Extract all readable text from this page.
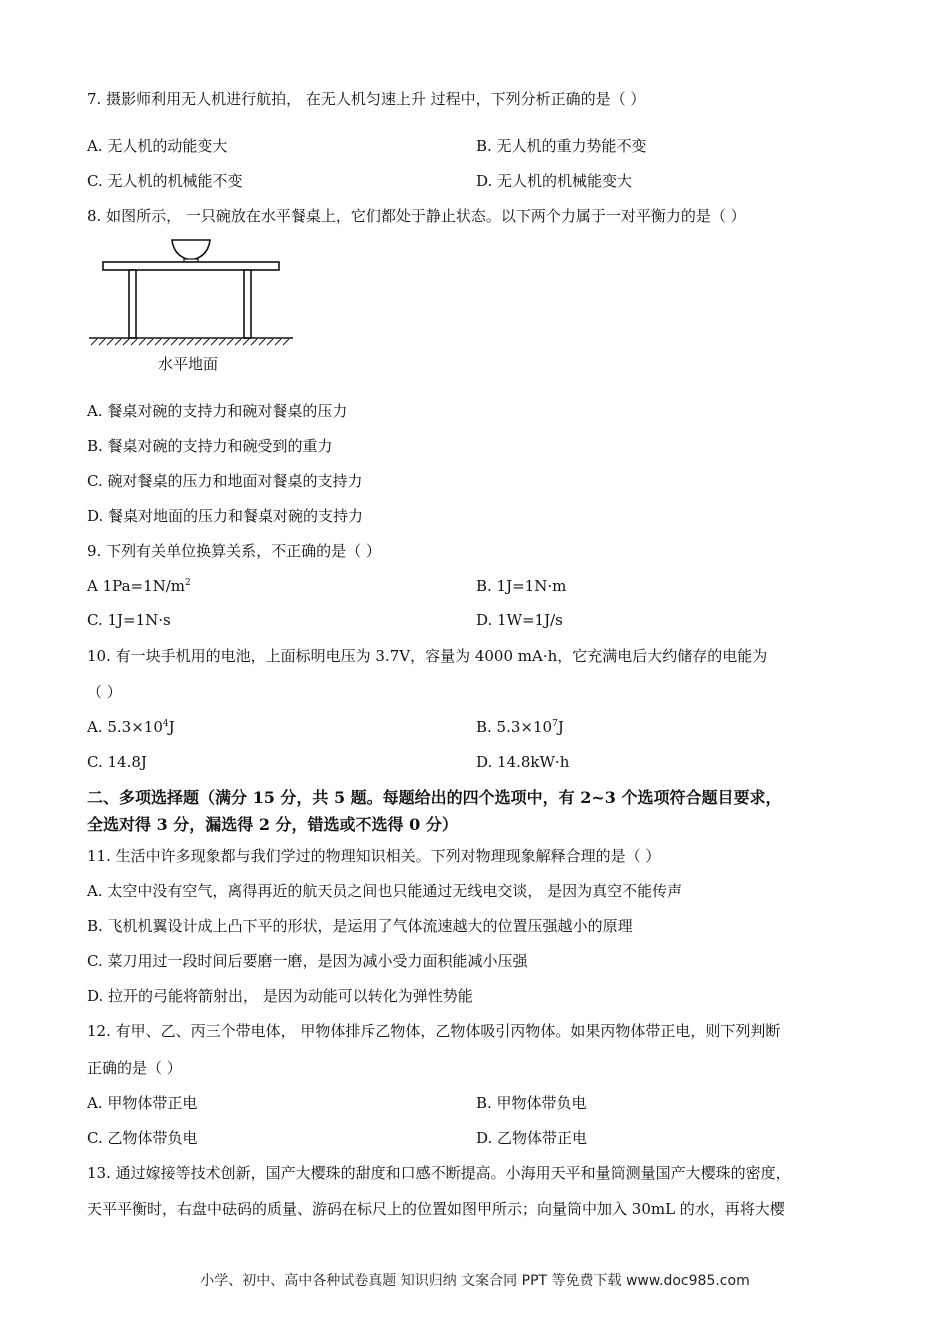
7. 摄影师利用无人机进行航拍， 在无人机匀速上升 过程中，下列分析正确的是（ ）
A. 无人机的动能变大	B. 无人机的重力势能不变
C. 无人机的机械能不变	D. 无人机的机械能变大
8. 如图所示， 一只碗放在水平餐桌上，它们都处于静止状态。以下两个力属于一对平衡力的是（ ）
水平地面
A. 餐桌对碗的支持力和碗对餐桌的压力
B. 餐桌对碗的支持力和碗受到的重力
C. 碗对餐桌的压力和地面对餐桌的支持力
D. 餐桌对地面的压力和餐桌对碗的支持力
9. 下列有关单位换算关系，不正确的是（ ）
A $1Pa=1N/m^2$	B. 1J=1N·m
C. 1J=1N·s	D. 1W=1J/s
10. 有一块手机用的电池，上面标明电压为 3.7V，容量为 4000 mA·h，它充满电后大约储存的电能为
（ ）
A. $5.3\times 10^4J$	B. $5.3\times 10^7J$
C. 14.8J	D. 14.8kW·h
二、多项选择题（满分 15 分，共 5 题。每题给出的四个选项中，有 2~3 个选项符合题目要求，
全选对得 3 分，漏选得 2 分，错选或不选得 0 分）
11. 生活中许多现象都与我们学过的物理知识相关。下列对物理现象解释合理的是（ ）
A. 太空中没有空气，离得再近的航天员之间也只能通过无线电交谈， 是因为真空不能传声
B. 飞机机翼设计成上凸下平的形状，是运用了气体流速越大的位置压强越小的原理
C. 菜刀用过一段时间后要磨一磨，是因为减小受力面积能减小压强
D. 拉开的弓能将箭射出， 是因为动能可以转化为弹性势能
12. 有甲、乙、丙三个带电体， 甲物体排斥乙物体，乙物体吸引丙物体。如果丙物体带正电，则下列判断
正确的是（ ）
A. 甲物体带正电	B. 甲物体带负电
C. 乙物体带负电	D. 乙物体带正电
13. 通过嫁接等技术创新，国产大樱珠的甜度和口感不断提高。小海用天平和量筒测量国产大樱珠的密度，
天平平衡时，右盘中砝码的质量、游码在标尺上的位置如图甲所示；向量筒中加入 30mL 的水，再将大樱
小学、初中、高中各种试卷真题 知识归纳 文案合同 PPT 等免费下载 www.doc985.com
